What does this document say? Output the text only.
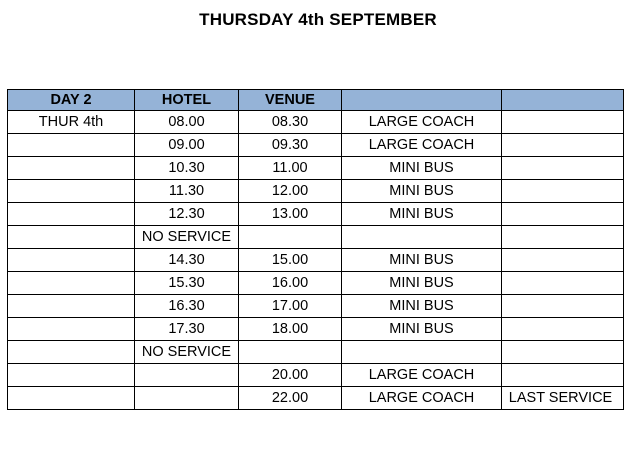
THURSDAY 4th SEPTEMBER
DAY 2	HOTEL	VENUE		
THUR 4th	08.00	08.30	LARGE COACH	
	09.00	09.30	LARGE COACH	
	10.30	11.00	MINI BUS	
	11.30	12.00	MINI BUS	
	12.30	13.00	MINI BUS	
	NO SERVICE			
	14.30	15.00	MINI BUS	
	15.30	16.00	MINI BUS	
	16.30	17.00	MINI BUS	
	17.30	18.00	MINI BUS	
	NO SERVICE			
		20.00	LARGE COACH	
		22.00	LARGE COACH	LAST SERVICE
